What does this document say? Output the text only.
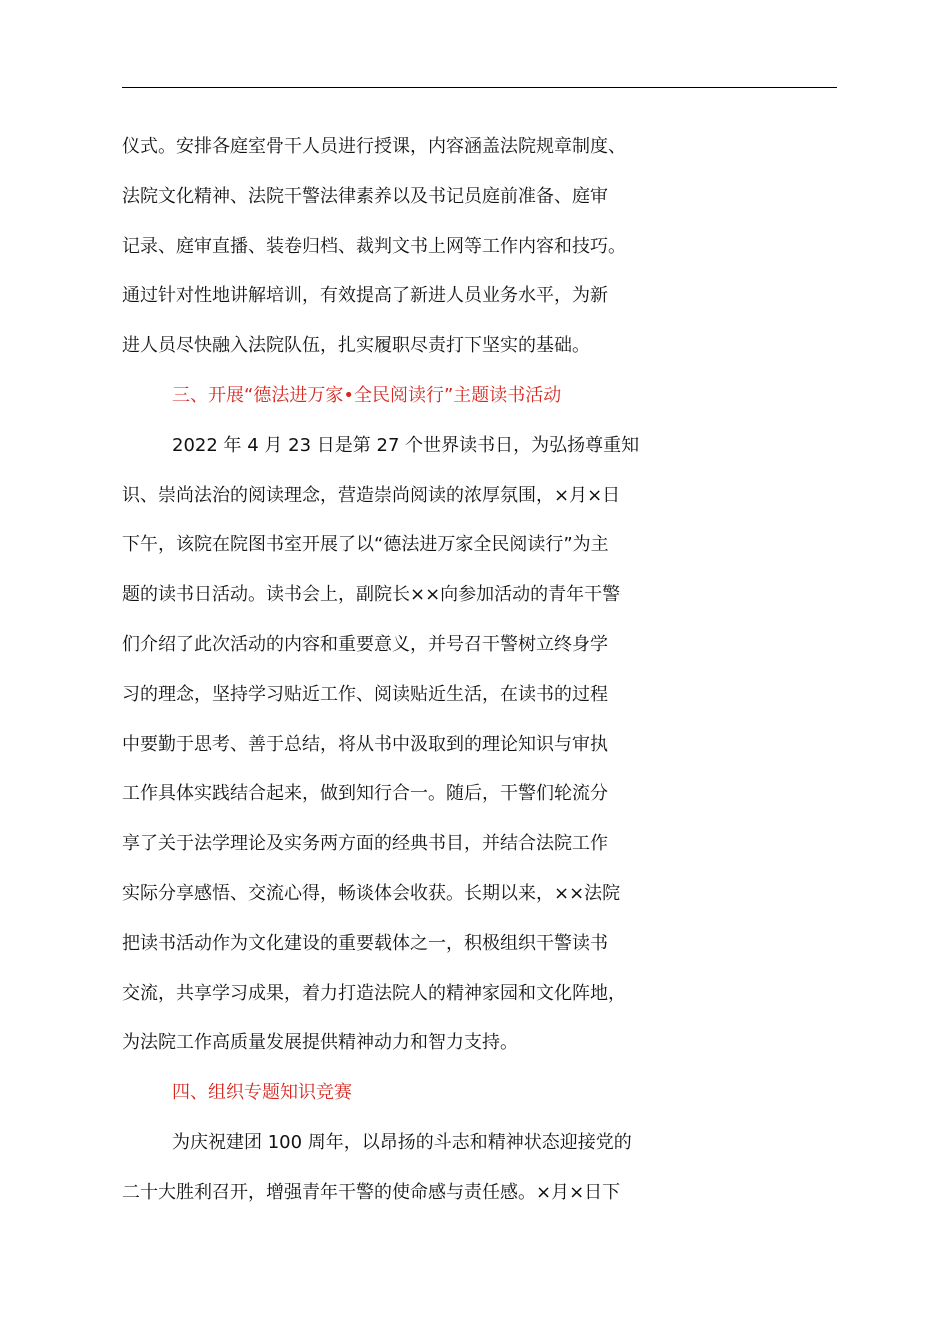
仪式。安排各庭室骨干人员进行授课，内容涵盖法院规章制度、
法院文化精神、法院干警法律素养以及书记员庭前准备、庭审
记录、庭审直播、装卷归档、裁判文书上网等工作内容和技巧。
通过针对性地讲解培训，有效提高了新进人员业务水平，为新
进人员尽快融入法院队伍，扎实履职尽责打下坚实的基础。
三、开展“德法进万家•全民阅读行”主题读书活动
2022 年 4 月 23 日是第 27 个世界读书日，为弘扬尊重知
识、崇尚法治的阅读理念，营造崇尚阅读的浓厚氛围，×月×日
下午，该院在院图书室开展了以“德法进万家全民阅读行”为主
题的读书日活动。读书会上，副院长××向参加活动的青年干警
们介绍了此次活动的内容和重要意义，并号召干警树立终身学
习的理念，坚持学习贴近工作、阅读贴近生活，在读书的过程
中要勤于思考、善于总结，将从书中汲取到的理论知识与审执
工作具体实践结合起来，做到知行合一。随后，干警们轮流分
享了关于法学理论及实务两方面的经典书目，并结合法院工作
实际分享感悟、交流心得，畅谈体会收获。长期以来，××法院
把读书活动作为文化建设的重要载体之一，积极组织干警读书
交流，共享学习成果，着力打造法院人的精神家园和文化阵地，
为法院工作高质量发展提供精神动力和智力支持。
四、组织专题知识竞赛
为庆祝建团 100 周年，以昂扬的斗志和精神状态迎接党的
二十大胜利召开，增强青年干警的使命感与责任感。×月×日下
